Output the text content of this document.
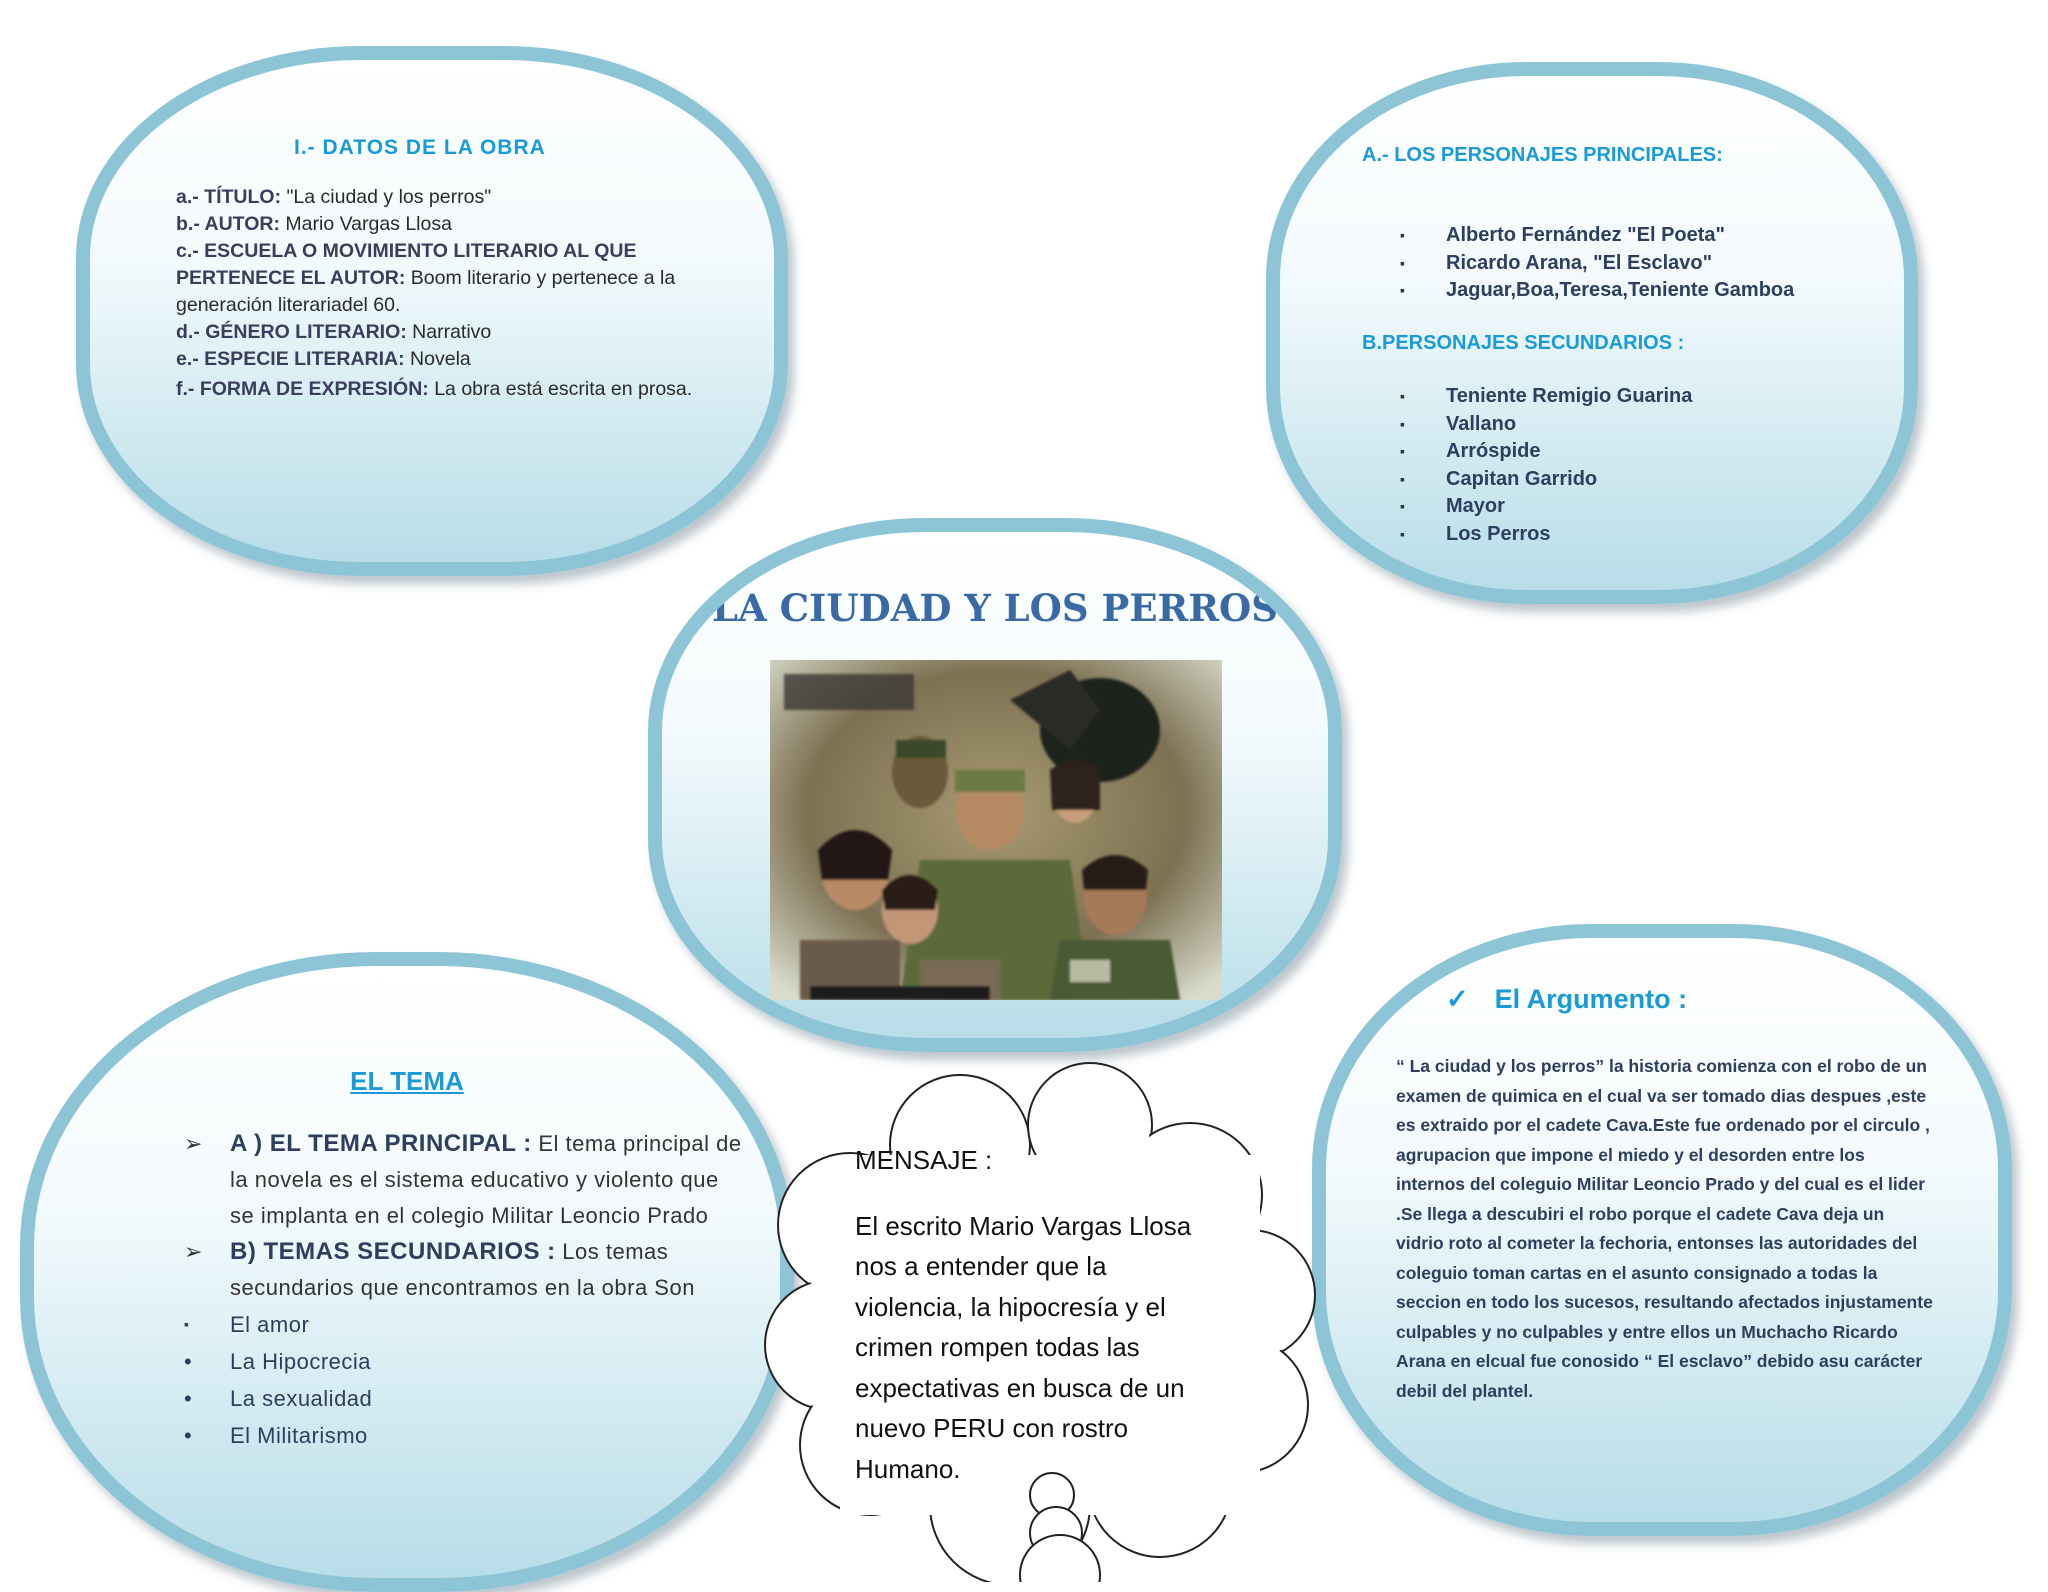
I.- DATOS DE LA OBRA
a.- TÍTULO: "La ciudad y los perros"
b.- AUTOR: Mario Vargas Llosa
c.- ESCUELA O MOVIMIENTO LITERARIO AL QUE PERTENECE EL AUTOR: Boom literario y pertenece a la generación literariadel 60.
d.- GÉNERO LITERARIO: Narrativo
e.- ESPECIE LITERARIA: Novela
f.- FORMA DE EXPRESIÓN: La obra está escrita en prosa.
A.- LOS PERSONAJES PRINCIPALES:
▪ Alberto Fernández "El Poeta"
▪ Ricardo Arana, "El Esclavo"
▪ Jaguar,Boa,Teresa,Teniente Gamboa
B.PERSONAJES SECUNDARIOS :
▪ Teniente Remigio Guarina
▪ Vallano
▪ Arróspide
▪ Capitan Garrido
▪ Mayor
▪ Los Perros
EL TEMA
➢ A ) EL TEMA PRINCIPAL : El tema principal de la novela es el sistema educativo y violento que se implanta en el colegio Militar Leoncio Prado
➢ B) TEMAS SECUNDARIOS : Los temas secundarios que encontramos en la obra Son
▪ El amor
• La Hipocrecia
• La sexualidad
• El Militarismo
✓ El Argumento :
“ La ciudad y los perros” la historia comienza con el robo de un examen de quimica en el cual va ser tomado dias despues ,este es extraido por el cadete Cava.Este fue ordenado por el circulo , agrupacion que impone el miedo y el desorden entre los internos del coleguio Militar Leoncio Prado y del cual es el lider .Se llega a descubiri el robo porque el cadete Cava deja un vidrio roto al cometer la fechoria, entonses las autoridades del coleguio toman cartas en el asunto consignado a todas la seccion en todo los sucesos, resultando afectados injustamente culpables y no culpables y entre ellos un Muchacho Ricardo Arana en elcual fue conosido “ El esclavo” debido asu carácter debil del plantel.
LA CIUDAD Y LOS PERROS
MENSAJE :
El escrito Mario Vargas Llosa nos a entender que la violencia, la hipocresía y el crimen rompen todas las expectativas en busca de un nuevo PERU con rostro Humano.
